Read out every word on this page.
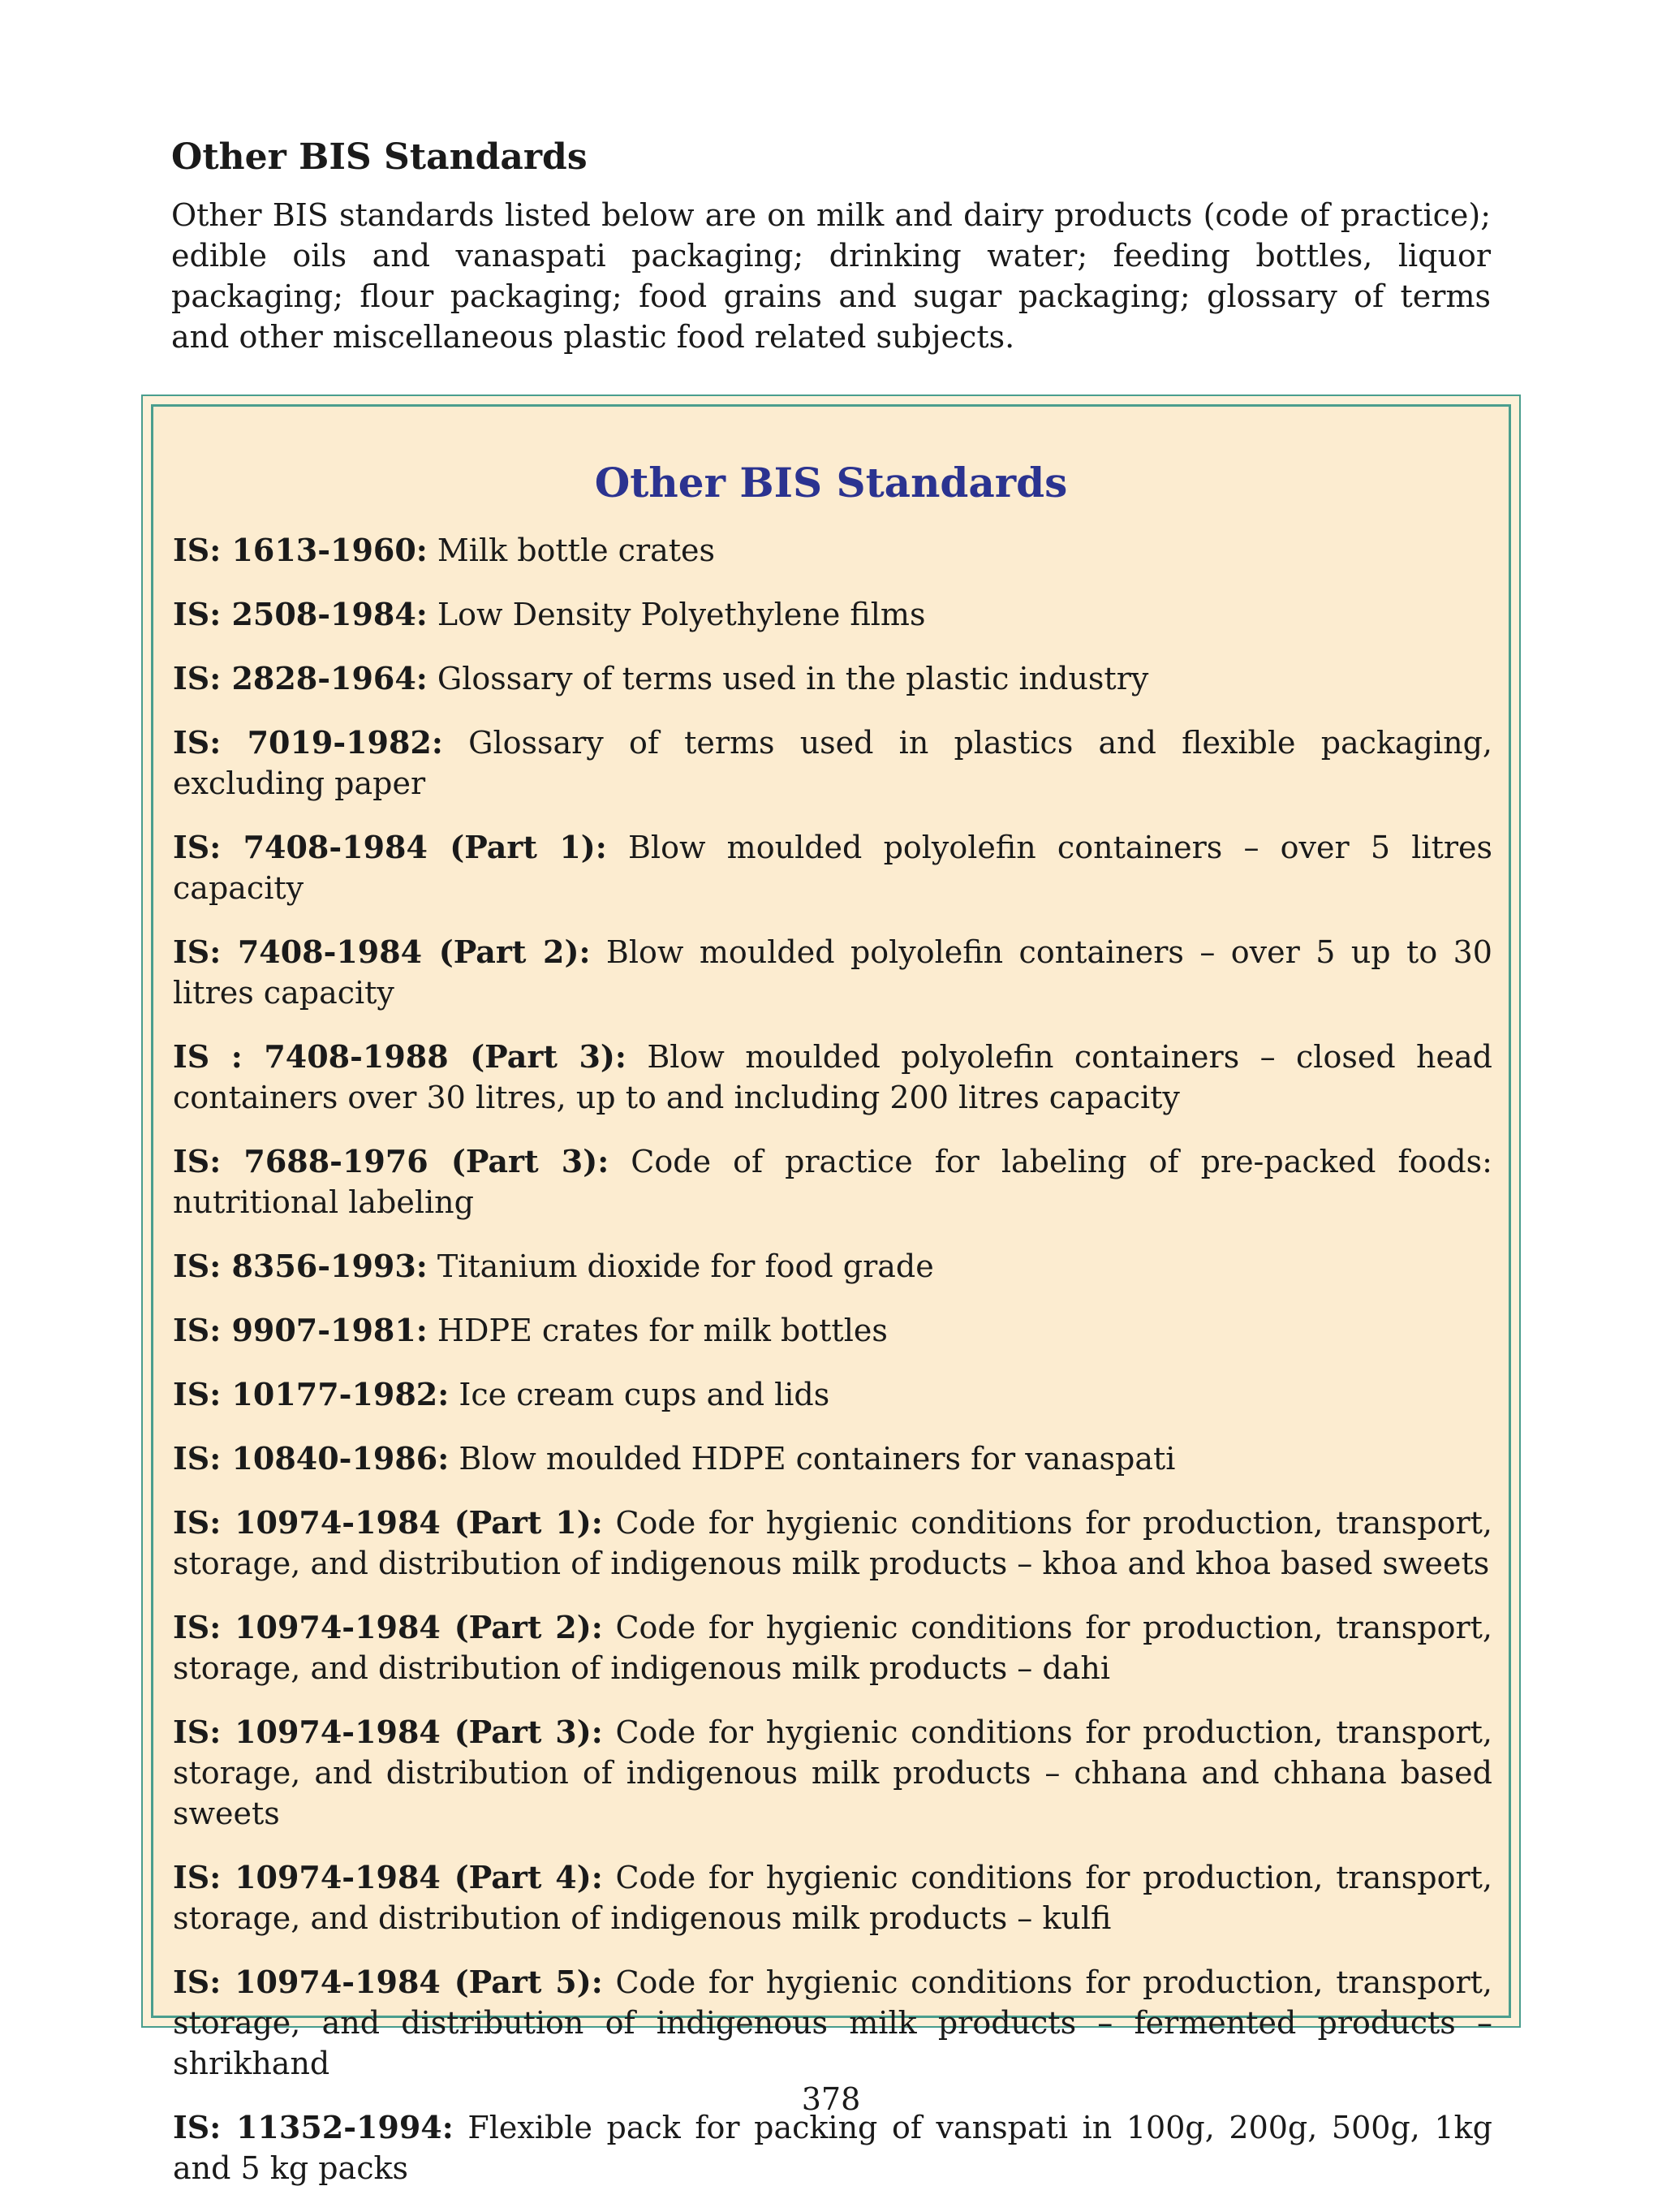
Other BIS Standards

Other BIS standards listed below are on milk and dairy products (code of practice); edible oils and vanaspati packaging; drinking water; feeding bottles, liquor packaging; flour packaging; food grains and sugar packaging; glossary of terms and other miscellaneous plastic food related subjects.

Other BIS Standards
IS: 1613-1960: Milk bottle crates
IS: 2508-1984: Low Density Polyethylene films
IS: 2828-1964: Glossary of terms used in the plastic industry
IS: 7019-1982: Glossary of terms used in plastics and flexible packaging, excluding paper
IS: 7408-1984 (Part 1): Blow moulded polyolefin containers – over 5 litres capacity
IS: 7408-1984 (Part 2): Blow moulded polyolefin containers – over 5 up to 30 litres capacity
IS : 7408-1988 (Part 3): Blow moulded polyolefin containers – closed head containers over 30 litres, up to and including 200 litres capacity
IS: 7688-1976 (Part 3): Code of practice for labeling of pre-packed foods: nutritional labeling
IS: 8356-1993: Titanium dioxide for food grade
IS: 9907-1981: HDPE crates for milk bottles
IS: 10177-1982: Ice cream cups and lids
IS: 10840-1986: Blow moulded HDPE containers for vanaspati
IS: 10974-1984 (Part 1): Code for hygienic conditions for production, transport, storage, and distribution of indigenous milk products – khoa and khoa based sweets
IS: 10974-1984 (Part 2): Code for hygienic conditions for production, transport, storage, and distribution of indigenous milk products – dahi
IS: 10974-1984 (Part 3): Code for hygienic conditions for production, transport, storage, and distribution of indigenous milk products – chhana and chhana based sweets
IS: 10974-1984 (Part 4): Code for hygienic conditions for production, transport, storage, and distribution of indigenous milk products – kulfi
IS: 10974-1984 (Part 5): Code for hygienic conditions for production, transport, storage, and distribution of indigenous milk products – fermented products – shrikhand
IS: 11352-1994: Flexible pack for packing of vanspati in 100g, 200g, 500g, 1kg and 5 kg packs
378
